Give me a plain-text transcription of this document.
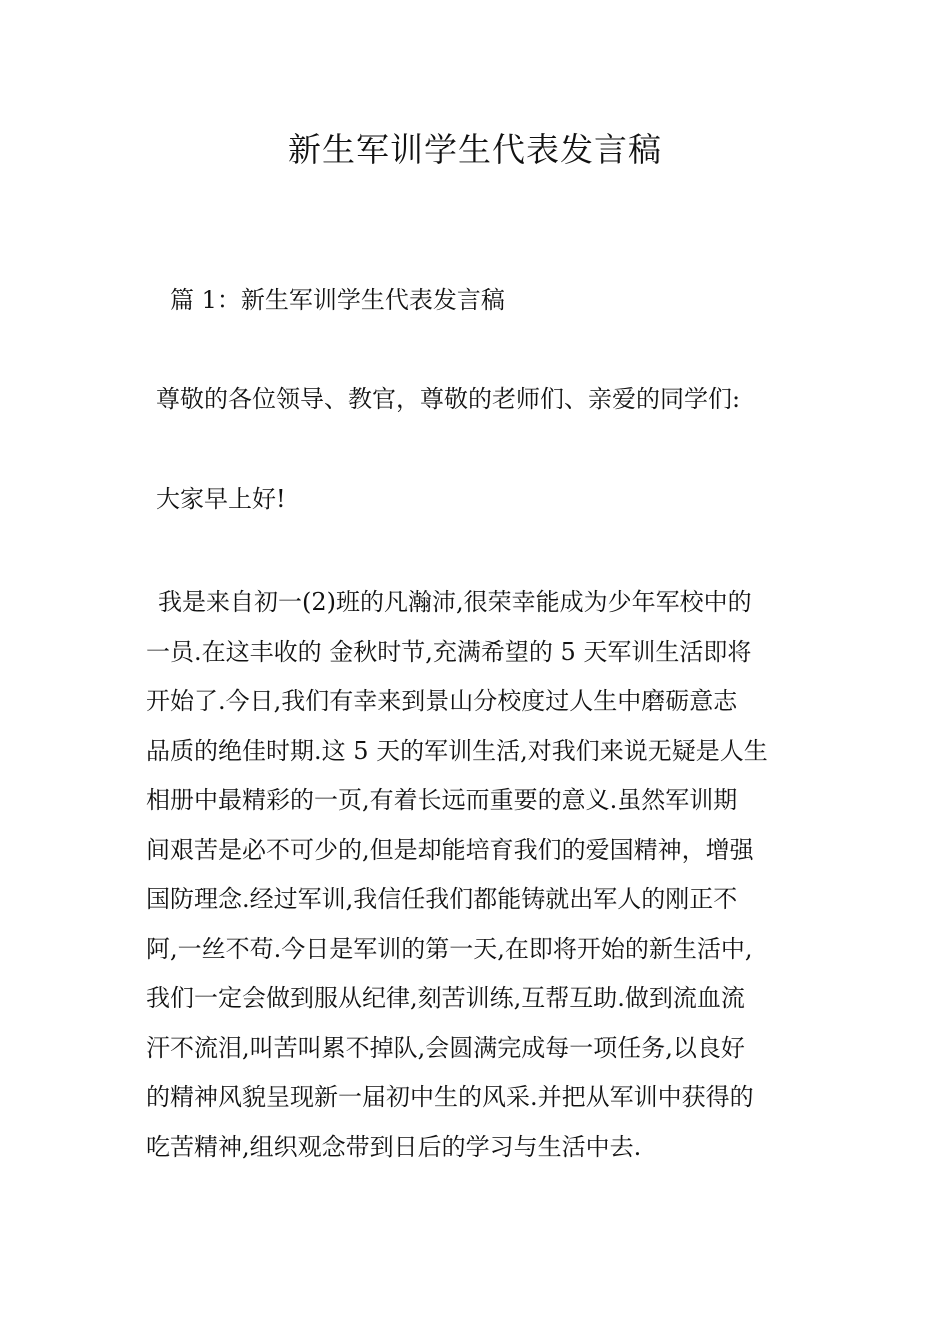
新生军训学生代表发言稿
篇 1：新生军训学生代表发言稿

尊敬的各位领导、教官，尊敬的老师们、亲爱的同学们:

大家早上好!

我是来自初一(2)班的凡瀚沛,很荣幸能成为少年军校中的
一员.在这丰收的 金秋时节,充满希望的 5 天军训生活即将
开始了.今日,我们有幸来到景山分校度过人生中磨砺意志
品质的绝佳时期.这 5 天的军训生活,对我们来说无疑是人生
相册中最精彩的一页,有着长远而重要的意义.虽然军训期
间艰苦是必不可少的,但是却能培育我们的爱国精神，增强
国防理念.经过军训,我信任我们都能铸就出军人的刚正不
阿,一丝不苟.今日是军训的第一天,在即将开始的新生活中,
我们一定会做到服从纪律,刻苦训练,互帮互助.做到流血流
汗不流泪,叫苦叫累不掉队,会圆满完成每一项任务,以良好
的精神风貌呈现新一届初中生的风采.并把从军训中获得的
吃苦精神,组织观念带到日后的学习与生活中去.
